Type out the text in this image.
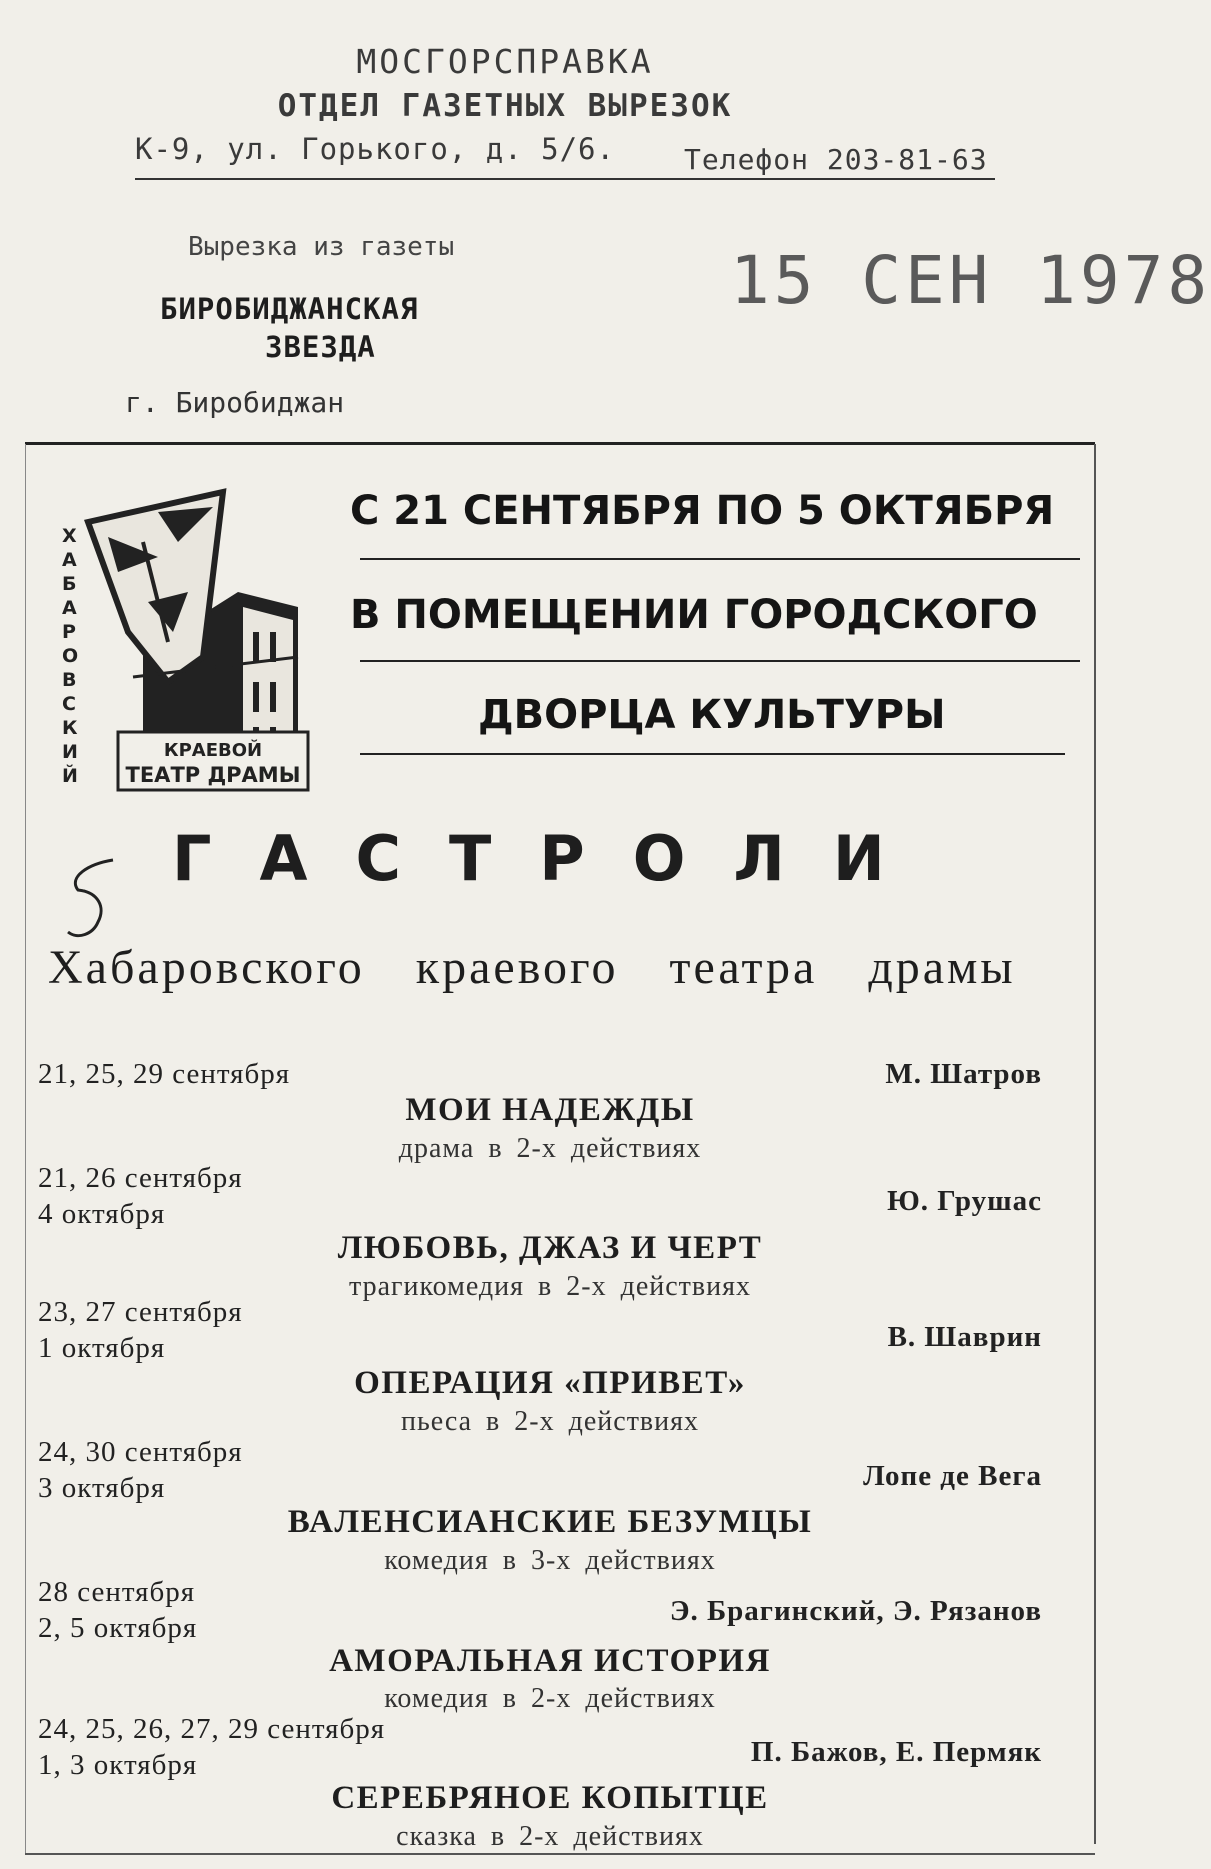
МОСГОРСПРАВКА
ОТДЕЛ ГАЗЕТНЫХ ВЫРЕЗОК
К-9, ул. Горького, д. 5/6. Телефон 203-81-63
Вырезка из газеты
БИРОБИДЖАНСКАЯ
ЗВЕЗДА
г. Биробиджан
15 СЕН 1978
Х А Б А Р О В С К И Й
КРАЕВОЙ
ТЕАТР ДРАМЫ
С 21 СЕНТЯБРЯ ПО 5 ОКТЯБРЯ
В ПОМЕЩЕНИИ ГОРОДСКОГО
ДВОРЦА КУЛЬТУРЫ
ГАСТРОЛИ
Хабаровского краевого театра драмы
21, 25, 29 сентября	М. Шатров
МОИ НАДЕЖДЫ
драма в 2-х действиях
21, 26 сентября
4 октября	Ю. Грушас
ЛЮБОВЬ, ДЖАЗ И ЧЕРТ
трагикомедия в 2-х действиях
23, 27 сентября
1 октября	В. Шаврин
ОПЕРАЦИЯ «ПРИВЕТ»
пьеса в 2-х действиях
24, 30 сентября
3 октября	Лопе де Вега
ВАЛЕНСИАНСКИЕ БЕЗУМЦЫ
комедия в 3-х действиях
28 сентября
2, 5 октября
Э. Брагинский, Э. Рязанов
АМОРАЛЬНАЯ ИСТОРИЯ
комедия в 2-х действиях
24, 25, 26, 27, 29 сентября
1, 3 октября	П. Бажов, Е. Пермяк
СЕРЕБРЯНОЕ КОПЫТЦЕ
сказка в 2-х действиях
